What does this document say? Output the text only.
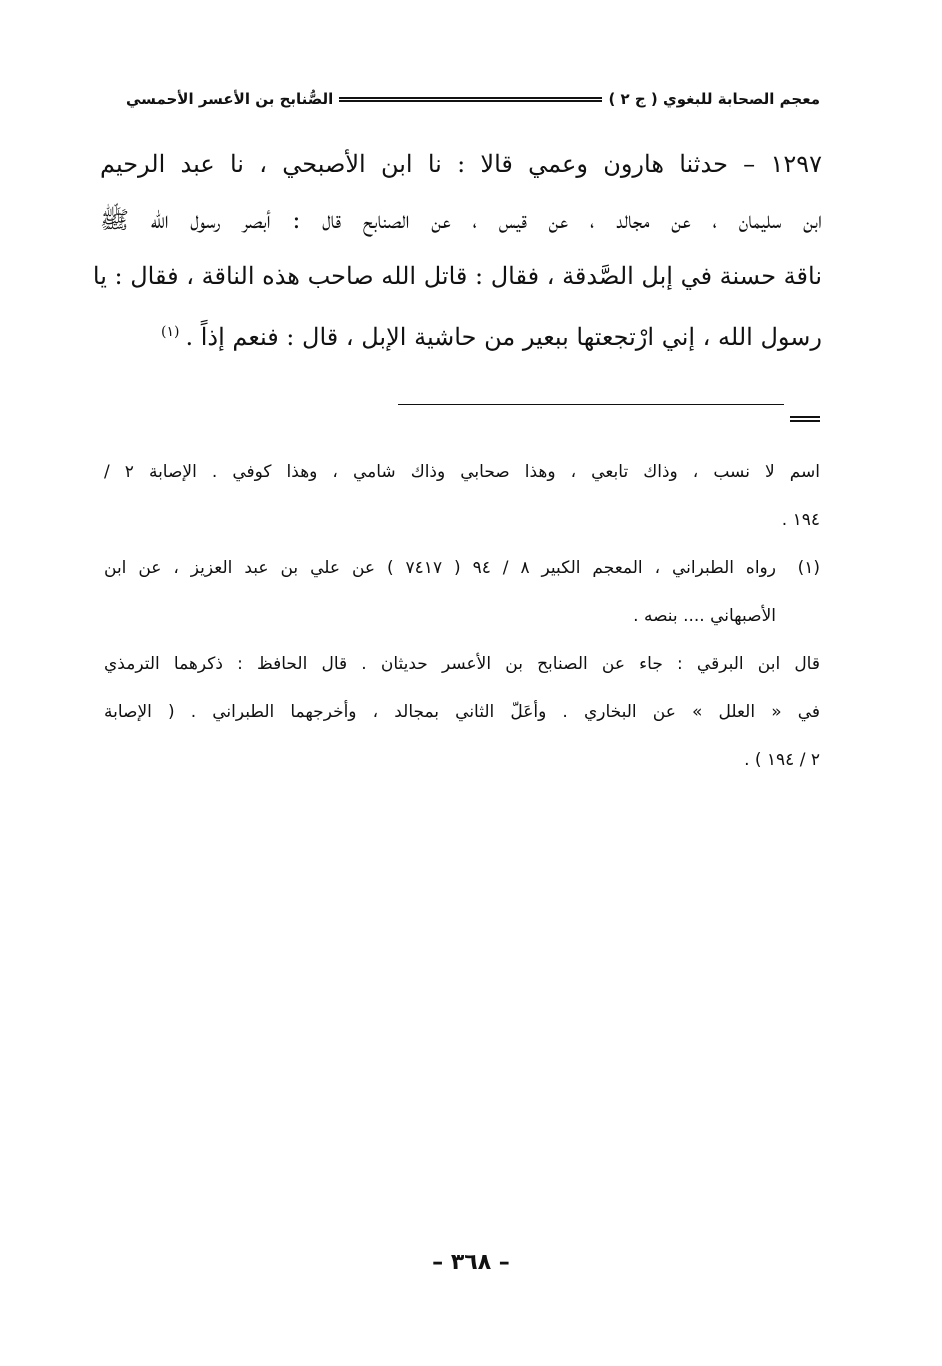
معجم الصحابة للبغوي ( ج ٢ )
الصُّنابح بن الأعسر الأحمسي
١٢٩٧ – حدثنا هارون وعمي قالا : نا ابن الأصبحي ، نا عبد الرحيم
ابن سليمان ، عن مجالد ، عن قيس ، عن الصنابح قال : أبصر رسول الله ﷺ
ناقة حسنة في إبل الصَّدقة ، فقال : قاتل الله صاحب هذه الناقة ، فقال : يا
رسول الله ، إني ارْتجعتها ببعير من حاشية الإبل ، قال : فنعم إذاً .$^{(١)}$
اسم لا نسب ، وذاك تابعي ، وهذا صحابي وذاك شامي ، وهذا كوفي . الإصابة ٢ /
١٩٤ .
(١)
رواه الطبراني ، المعجم الكبير ٨ / ٩٤ ( ٧٤١٧ ) عن علي بن عبد العزيز ، عن ابن
الأصبهاني .... بنصه .
قال ابن البرقي : جاء عن الصنابح بن الأعسر حديثان . قال الحافظ : ذكرهما الترمذي
في « العلل » عن البخاري . وأعَلّ الثاني بمجالد ، وأخرجهما الطبراني . ( الإصابة
٢ / ١٩٤ ) .
– ٣٦٨ –
